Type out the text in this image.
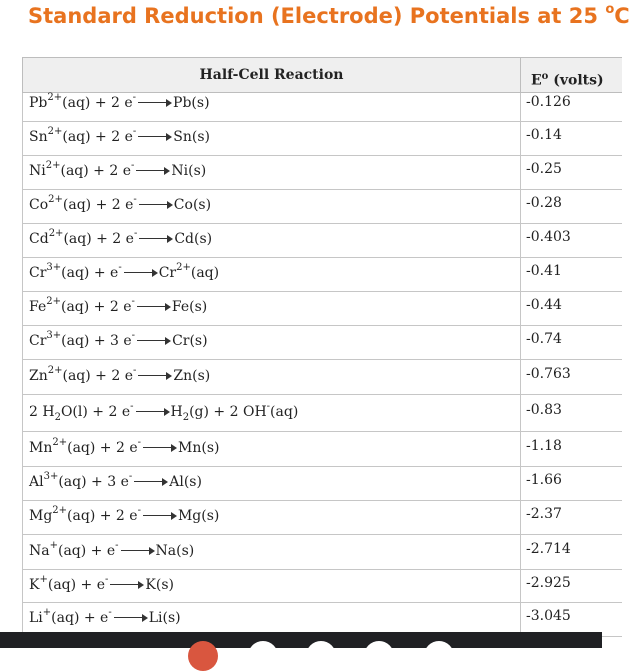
Standard Reduction (Electrode) Potentials at 25 $^o$C
Half-Cell Reaction	$E^o$ (volts)
$Pb^{2+}(aq) + 2$ e-	Pb(s)	-0.126
$Sn^{2+}(aq) + 2$ e-	Sn(s)	-0.14
$Ni^{2+}(aq) + 2$ e-	Ni(s)	-0.25
$Co^{2+}(aq) + 2$ e-	Co(s)	-0.28
$Cd^{2+}(aq) + 2$ e-	Cd(s)	-0.403
$Cr^{3+}(aq) + e^-$	$Cr^{2+}(aq)$	-0.41
$Fe^{2+}(aq) + 2$ e-	Fe(s)	-0.44
$Cr^{3+}(aq) + 3$ e-	Cr(s)	-0.74
$Zn^{2+}(aq) + 2$ e-	Zn(s)	-0.763
2 $H_2O(l) + 2$ e-	$H_2(g) + 2$ OH-(aq)	-0.83
$Mn^{2+}(aq) + 2$ e-	Mn(s)	-1.18
$Al^{3+}(aq) + 3$ e-	Al(s)	-1.66
$Mg^{2+}(aq) + 2$ e-	Mg(s)	-2.37
Na+(aq) + e-	Na(s)	-2.714
K+(aq) + e-	K(s)	-2.925
Li+(aq) + e-	Li(s)	-3.045
